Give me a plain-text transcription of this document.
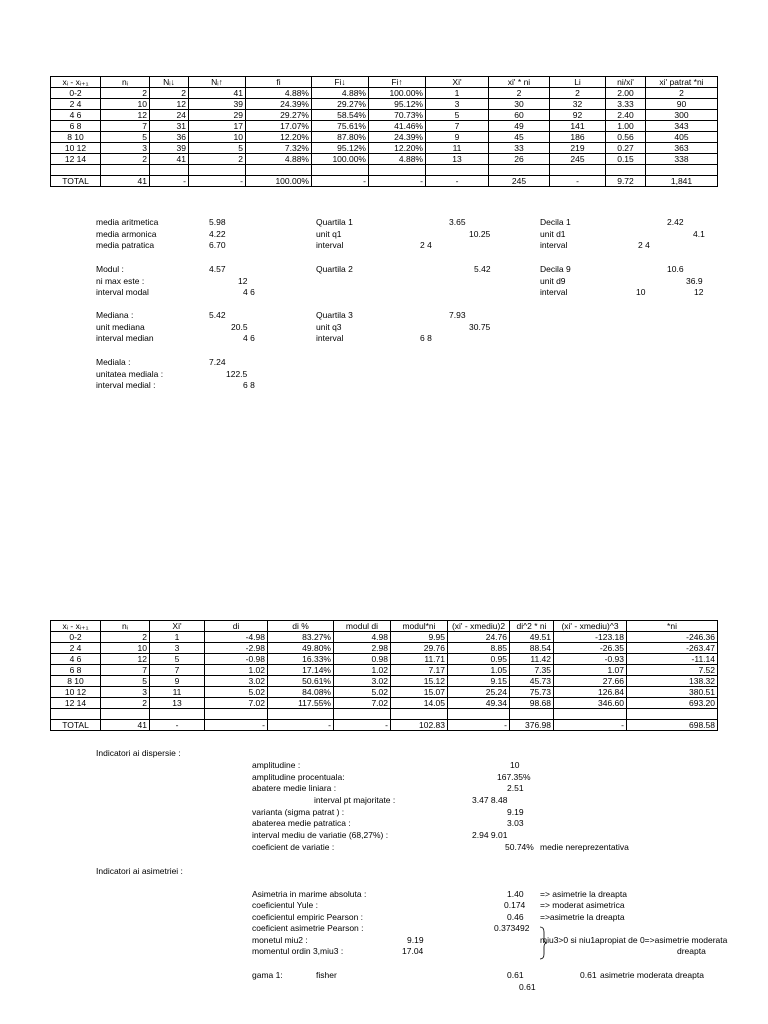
xᵢ - xᵢ₊₁	nᵢ	Nᵢ↓	Nᵢ↑	fi	Fi↓	Fi↑	Xi'	xi' * ni	Li	ni/xi'	xi' patrat *ni
0-2	2	2	41	4.88%	4.88%	100.00%	1	2	2	2.00	2
2 4	10	12	39	24.39%	29.27%	95.12%	3	30	32	3.33	90
4 6	12	24	29	29.27%	58.54%	70.73%	5	60	92	2.40	300
6 8	7	31	17	17.07%	75.61%	41.46%	7	49	141	1.00	343
8 10	5	36	10	12.20%	87.80%	24.39%	9	45	186	0.56	405
10 12	3	39	5	7.32%	95.12%	12.20%	11	33	219	0.27	363
12 14	2	41	2	4.88%	100.00%	4.88%	13	26	245	0.15	338

TOTAL	41	-	-	100.00%	-	-	-	245	-	9.72	1,841
media aritmetica	5.98
media armonica	4.22
media patratica	6.70
Modul :	4.57
ni max este :	12
interval modal	4 6
Mediana :	5.42
unit mediana	20.5
interval median	4 6
Mediala :	7.24
unitatea mediala :	122.5
interval medial :	6 8
Quartila 1	3.65
unit q1	10.25
interval	2 4
Quartila 2	5.42
Quartila 3	7.93
unit q3	30.75
interval	6 8
Decila 1	2.42
unit d1	4.1
interval	2 4
Decila 9	10.6
unit d9	36.9
interval	10	12
xᵢ - xᵢ₊₁	nᵢ	Xi'	di	di %	modul di	modul*ni	(xi' - xmediu)2	di^2 * ni	(xi' - xmediu)^3	*ni
0-2	2	1	-4.98	83.27%	4.98	9.95	24.76	49.51	-123.18	-246.36
2 4	10	3	-2.98	49.80%	2.98	29.76	8.85	88.54	-26.35	-263.47
4 6	12	5	-0.98	16.33%	0.98	11.71	0.95	11.42	-0.93	-11.14
6 8	7	7	1.02	17.14%	1.02	7.17	1.05	7.35	1.07	7.52
8 10	5	9	3.02	50.61%	3.02	15.12	9.15	45.73	27.66	138.32
10 12	3	11	5.02	84.08%	5.02	15.07	25.24	75.73	126.84	380.51
12 14	2	13	7.02	117.55%	7.02	14.05	49.34	98.68	346.60	693.20

TOTAL	41	-	-	-	-	102.83	-	376.98	-	698.58
Indicatori ai dispersie :
amplitudine :	10
amplitudine procentuala:	167.35%
abatere medie liniara :	2.51
interval pt majoritate :	3.47 8.48
varianta (sigma patrat ) :	9.19
abaterea medie patratica :	3.03
interval mediu de variatie (68,27%) :	2.94 9.01
coeficient de variatie :	50.74% medie nereprezentativa
Indicatori ai asimetriei :
Asimetria in marime absoluta :	1.40 => asimetrie la dreapta
coeficientul Yule :	0.174 => moderat asimetrica
coeficientul empiric Pearson :	0.46 =>asimetrie la dreapta
coeficient asimetrie Pearson :	0.373492
monetul miu2 :	9.19
momentul ordin 3,miu3 :	17.04
miu3>0 si niu1apropiat de 0=>asimetrie moderata
dreapta
gama 1:	fisher	0.61	0.61 asimetrie moderata dreapta
0.61
